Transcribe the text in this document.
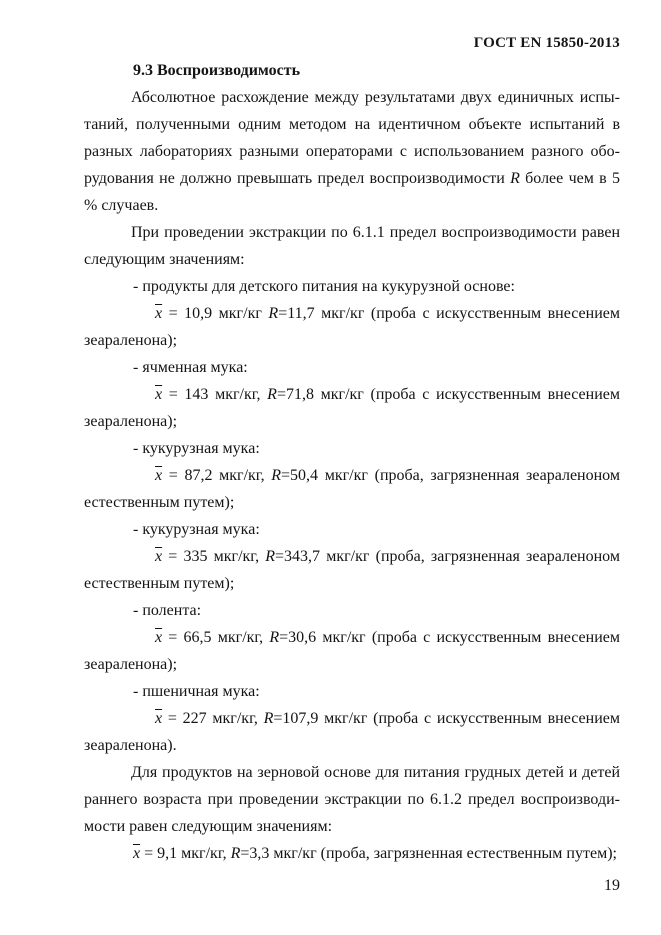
ГОСТ EN 15850-2013
9.3 Воспроизводимость

Абсолютное расхождение между результатами двух единичных испытаний, полученными одним методом на идентичном объекте испытаний в разных лабораториях разными операторами с использованием разного оборудования не должно превышать предел воспроизводимости R более чем в 5 % случаев.

При проведении экстракции по 6.1.1 предел воспроизводимости равен следующим значениям:

- продукты для детского питания на кукурузной основе:

$\overline{x} = 10,9$ мкг/кг R=11,7 мкг/кг (проба с искусственным внесением зеараленона);

- ячменная мука:

$\overline{x} = 143$ мкг/кг, R=71,8 мкг/кг (проба с искусственным внесением зеараленона);

- кукурузная мука:

$\overline{x} = 87,2$ мкг/кг, R=50,4 мкг/кг (проба, загрязненная зеараленоном естественным путем);

- кукурузная мука:

$\overline{x} = 335$ мкг/кг, R=343,7 мкг/кг (проба, загрязненная зеараленоном естественным путем);

- полента:

$\overline{x} = 66,5$ мкг/кг, R=30,6 мкг/кг (проба с искусственным внесением зеараленона);

- пшеничная мука:

$\overline{x} = 227$ мкг/кг, R=107,9 мкг/кг (проба с искусственным внесением зеараленона).

Для продуктов на зерновой основе для питания грудных детей и детей раннего возраста при проведении экстракции по 6.1.2 предел воспроизводимости равен следующим значениям:

$\overline{x} = 9,1$ мкг/кг, R=3,3 мкг/кг (проба, загрязненная естественным путем);

19
